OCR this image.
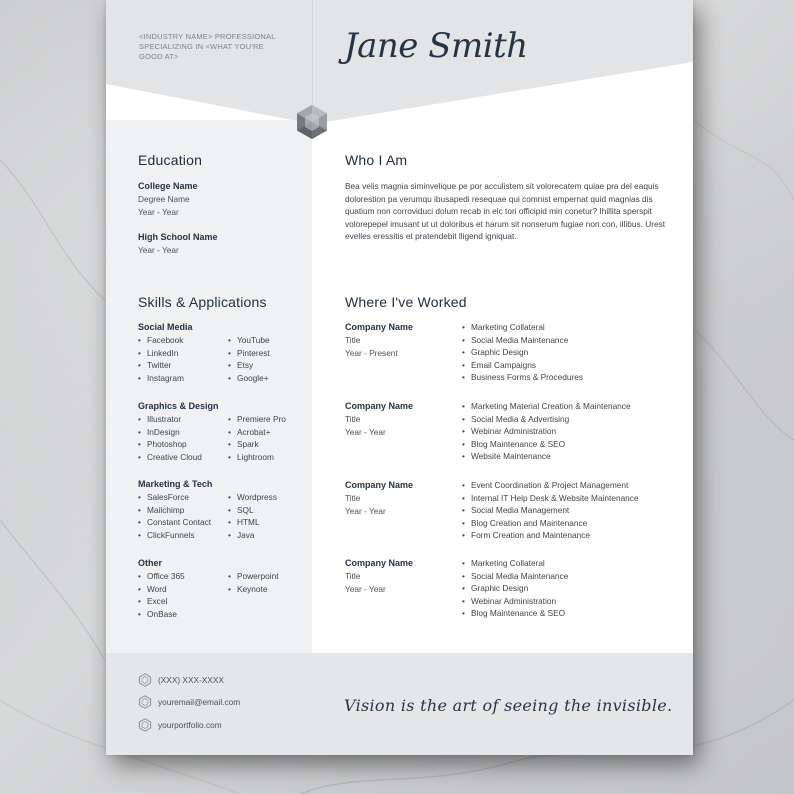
<INDUSTRY NAME> PROFESSIONAL SPECIALIZING IN <WHAT YOU'RE GOOD AT>	Jane Smith
Education
College Name
Degree Name
Year - Year
High School Name
Year - Year
Skills & Applications
Social Media
• Facebook
• LinkedIn
• Twitter
• Instagram
• YouTube
• Pinterest
• Etsy
• Google+
Graphics & Design
• Illustrator
• InDesign
• Photoshop
• Creative Cloud
• Premiere Pro
• Acrobat+
• Spark
• Lightroom
Marketing & Tech
• SalesForce
• Mailchimp
• Constant Contact
• ClickFunnels
• Wordpress
• SQL
• HTML
• Java
Other
• Office 365
• Word
• Excel
• OnBase
• Powerpoint
• Keynote
Who I Am
Bea velis magnia siminvelique pe por acculistem sit volorecatem quiae pra del eaquis dolorestion pa verumqu ibusapedi resequae qui comnist empernat quid magnias dis quatium non corroviduci dolum recab in eic tori officipid min conetur? Ihillita sperspit volorepepel imusant ut ut doloribus et harum sit nonserum fugiae non con, illibus. Urest evelles eressitis et pratendebit lligend igniquat.
Where I've Worked
Company Name
Title
Year - Present
• Marketing Collateral
• Social Media Maintenance
• Graphic Design
• Email Campaigns
• Business Forms & Procedures
Company Name
Title
Year - Year
• Marketing Material Creation & Maintenance
• Social Media & Advertising
• Webinar Administration
• Blog Maintenance & SEO
• Website Maintenance
Company Name
Title
Year - Year
• Event Coordination & Project Management
• Internal IT Help Desk & Website Maintenance
• Social Media Management
• Blog Creation and Maintenance
• Form Creation and Maintenance
Company Name
Title
Year - Year
• Marketing Collateral
• Social Media Maintenance
• Graphic Design
• Webinar Administration
• Blog Maintenance & SEO
(XXX) XXX-XXXX
youremail@email.com
yourportfolio.com
Vision is the art of seeing the invisible.
